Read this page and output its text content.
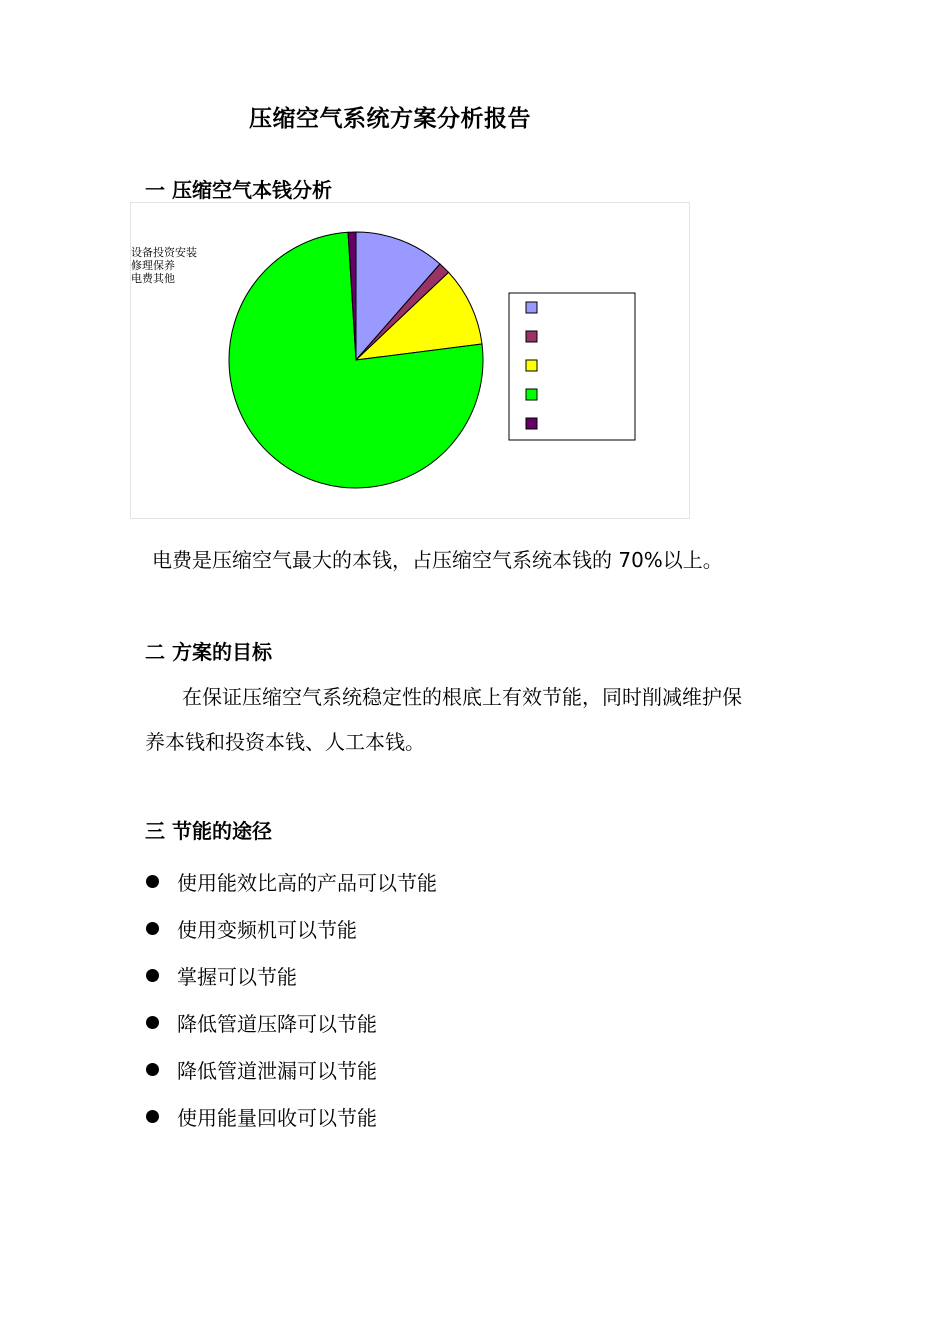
压缩空气系统方案分析报告
一 压缩空气本钱分析
设备投资安装
修理保养
电费其他
电费是压缩空气最大的本钱，占压缩空气系统本钱的 70%以上。
二 方案的目标
在保证压缩空气系统稳定性的根底上有效节能，同时削减维护保
养本钱和投资本钱、人工本钱。
三 节能的途径
使用能效比高的产品可以节能
使用变频机可以节能
掌握可以节能
降低管道压降可以节能
降低管道泄漏可以节能
使用能量回收可以节能
